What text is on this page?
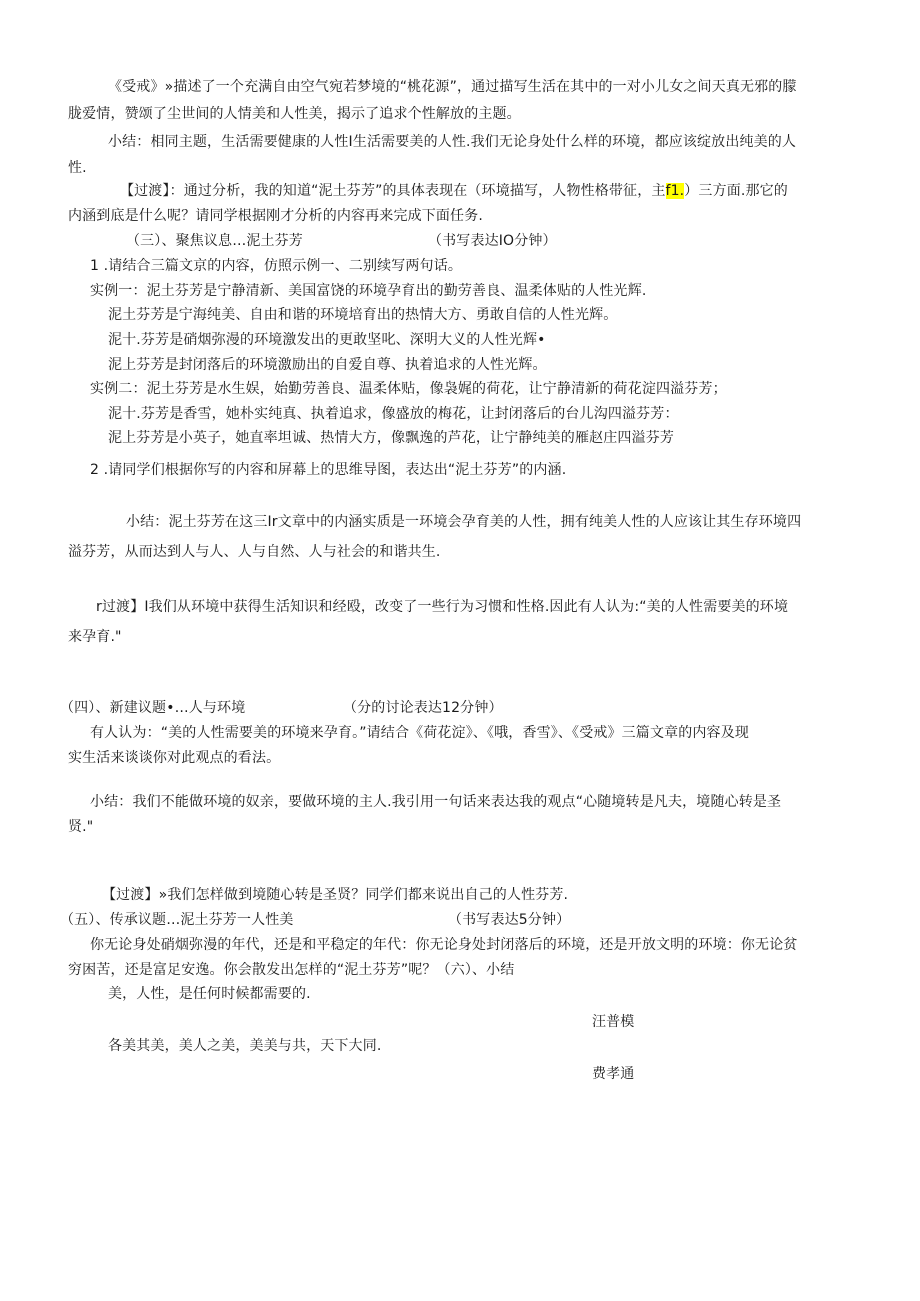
《受戒》»描述了一个充满自由空气宛若梦境的“桃花源”，通过描写生活在其中的一对小儿女之间天真无邪的朦

胧爱情，赞颂了尘世间的人情美和人性美，揭示了追求个性解放的主题。

小结：相同主题，生活需要健康的人性I生活需要美的人性.我们无论身处什么样的环境，都应该绽放出纯美的人

性.

【过渡】：通过分析，我的知道“泥土芬芳”的具体表现在（环境描写，人物性格带征，主f1.）三方面.那它的

内涵到底是什么呢？请同学根据刚才分析的内容再来完成下面任务.

（三）、聚焦议息…泥土芬芳	（书写表达IO分钟）

1 .请结合三篇文京的内容，仿照示例一、二别续写两句话。

实例一：泥土芬芳是宁静清新、美国富饶的环境孕育出的勤劳善良、温柔体贴的人性光辉.

泥土芬芳是宁海纯美、自由和谐的环境培育出的热情大方、勇敢自信的人性光辉。

泥十.芬芳是硝烟弥漫的环境激发出的更敢坚叱、深明大义的人性光辉•

泥上芬芳是封闭落后的环境激励出的自爱自尊、执着追求的人性光辉。

实例二：泥土芬芳是水生娱，始勤劳善良、温柔体贴，像袅娓的荷花，让宁静清新的荷花淀四溢芬芳；

泥十.芬芳是香雪，她朴实纯真、执着追求，像盛放的梅花，让封闭落后的台儿沟四溢芬芳：

泥上芬芳是小英子，她直率坦诚、热情大方，像飘逸的芦花，让宁静纯美的雁赵庄四溢芬芳

2 .请同学们根据你写的内容和屏幕上的思维导图，表达出“泥土芬芳”的内涵.

小结：泥土芬芳在这三Ir文章中的内涵实质是一环境会孕育美的人性，拥有纯美人性的人应该让其生存环境四

溢芬芳，从而达到人与人、人与自然、人与社会的和谐共生.

r过渡】I我们从环境中获得生活知识和经殴，改变了一些行为习惯和性格.因此有人认为:“美的人性需要美的环境

来孕育."

（四）、新建议题•…人与环境	（分的讨论表达12分钟）

有人认为：“美的人性需要美的环境来孕育。”请结合《荷花淀》、《哦，香雪》、《受戒》三篇文章的内容及现

实生活来谈谈你对此观点的看法。

小结：我们不能做环境的奴亲，要做环境的主人.我引用一句话来表达我的观点“心随境转是凡夫，境随心转是圣

贤."

【过渡】»我们怎样做到境随心转是圣贤？同学们都来说出自己的人性芬芳.

（五）、传承议题…泥土芬芳一人性美	（书写表达5分钟）

你无论身处硝烟弥漫的年代，还是和平稳定的年代：你无论身处封闭落后的环境，还是开放文明的环境：你无论贫

穷困苦，还是富足安逸。你会散发出怎样的“泥土芬芳”呢？（六）、小结

美，人性，是任何时候都需要的.

汪普模

各美其美，美人之美，美美与共，天下大同.

费孝通
